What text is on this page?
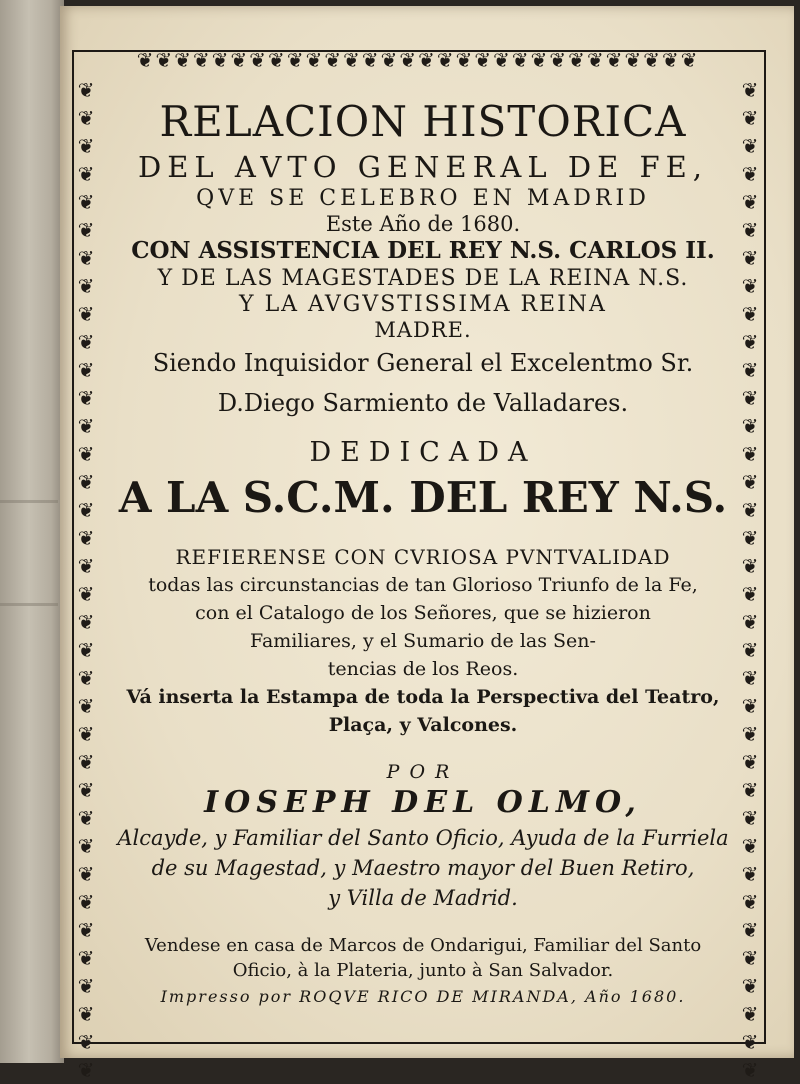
❦❦❦❦❦❦❦❦❦❦❦❦❦❦❦❦❦❦❦❦❦❦❦❦❦❦❦❦❦❦
❦❦❦❦❦❦❦❦❦❦❦❦❦❦❦❦❦❦❦❦❦❦❦❦❦❦❦❦❦❦❦❦❦❦❦❦
❦❦❦❦❦❦❦❦❦❦❦❦❦❦❦❦❦❦❦❦❦❦❦❦❦❦❦❦❦❦❦❦❦❦❦❦
RELACION HISTORICA
DEL AVTO GENERAL DE FE,
QVE SE CELEBRO EN MADRID
Este Año de 1680.
CON ASSISTENCIA DEL REY N.S. CARLOS II.
Y DE LAS MAGESTADES DE LA REINA N.S.
Y LA AVGVSTISSIMA REINA
MADRE.
Siendo Inquisidor General el Excelentmo Sr.
D.Diego Sarmiento de Valladares.
DEDICADA
A LA S.C.M. DEL REY N.S.
REFIERENSE CON CVRIOSA PVNTVALIDAD
todas las circunstancias de tan Glorioso Triunfo de la Fe,
con el Catalogo de los Señores, que se hizieron
Familiares, y el Sumario de las Sen-
tencias de los Reos.
Vá inserta la Estampa de toda la Perspectiva del Teatro,
Plaça, y Valcones.
POR
IOSEPH DEL OLMO,
Alcayde, y Familiar del Santo Oficio, Ayuda de la Furriela
de su Magestad, y Maestro mayor del Buen Retiro,
y Villa de Madrid.
Vendese en casa de Marcos de Ondarigui, Familiar del Santo
Oficio, à la Plateria, junto à San Salvador.
Impresso por ROQVE RICO DE MIRANDA, Año 1680.
